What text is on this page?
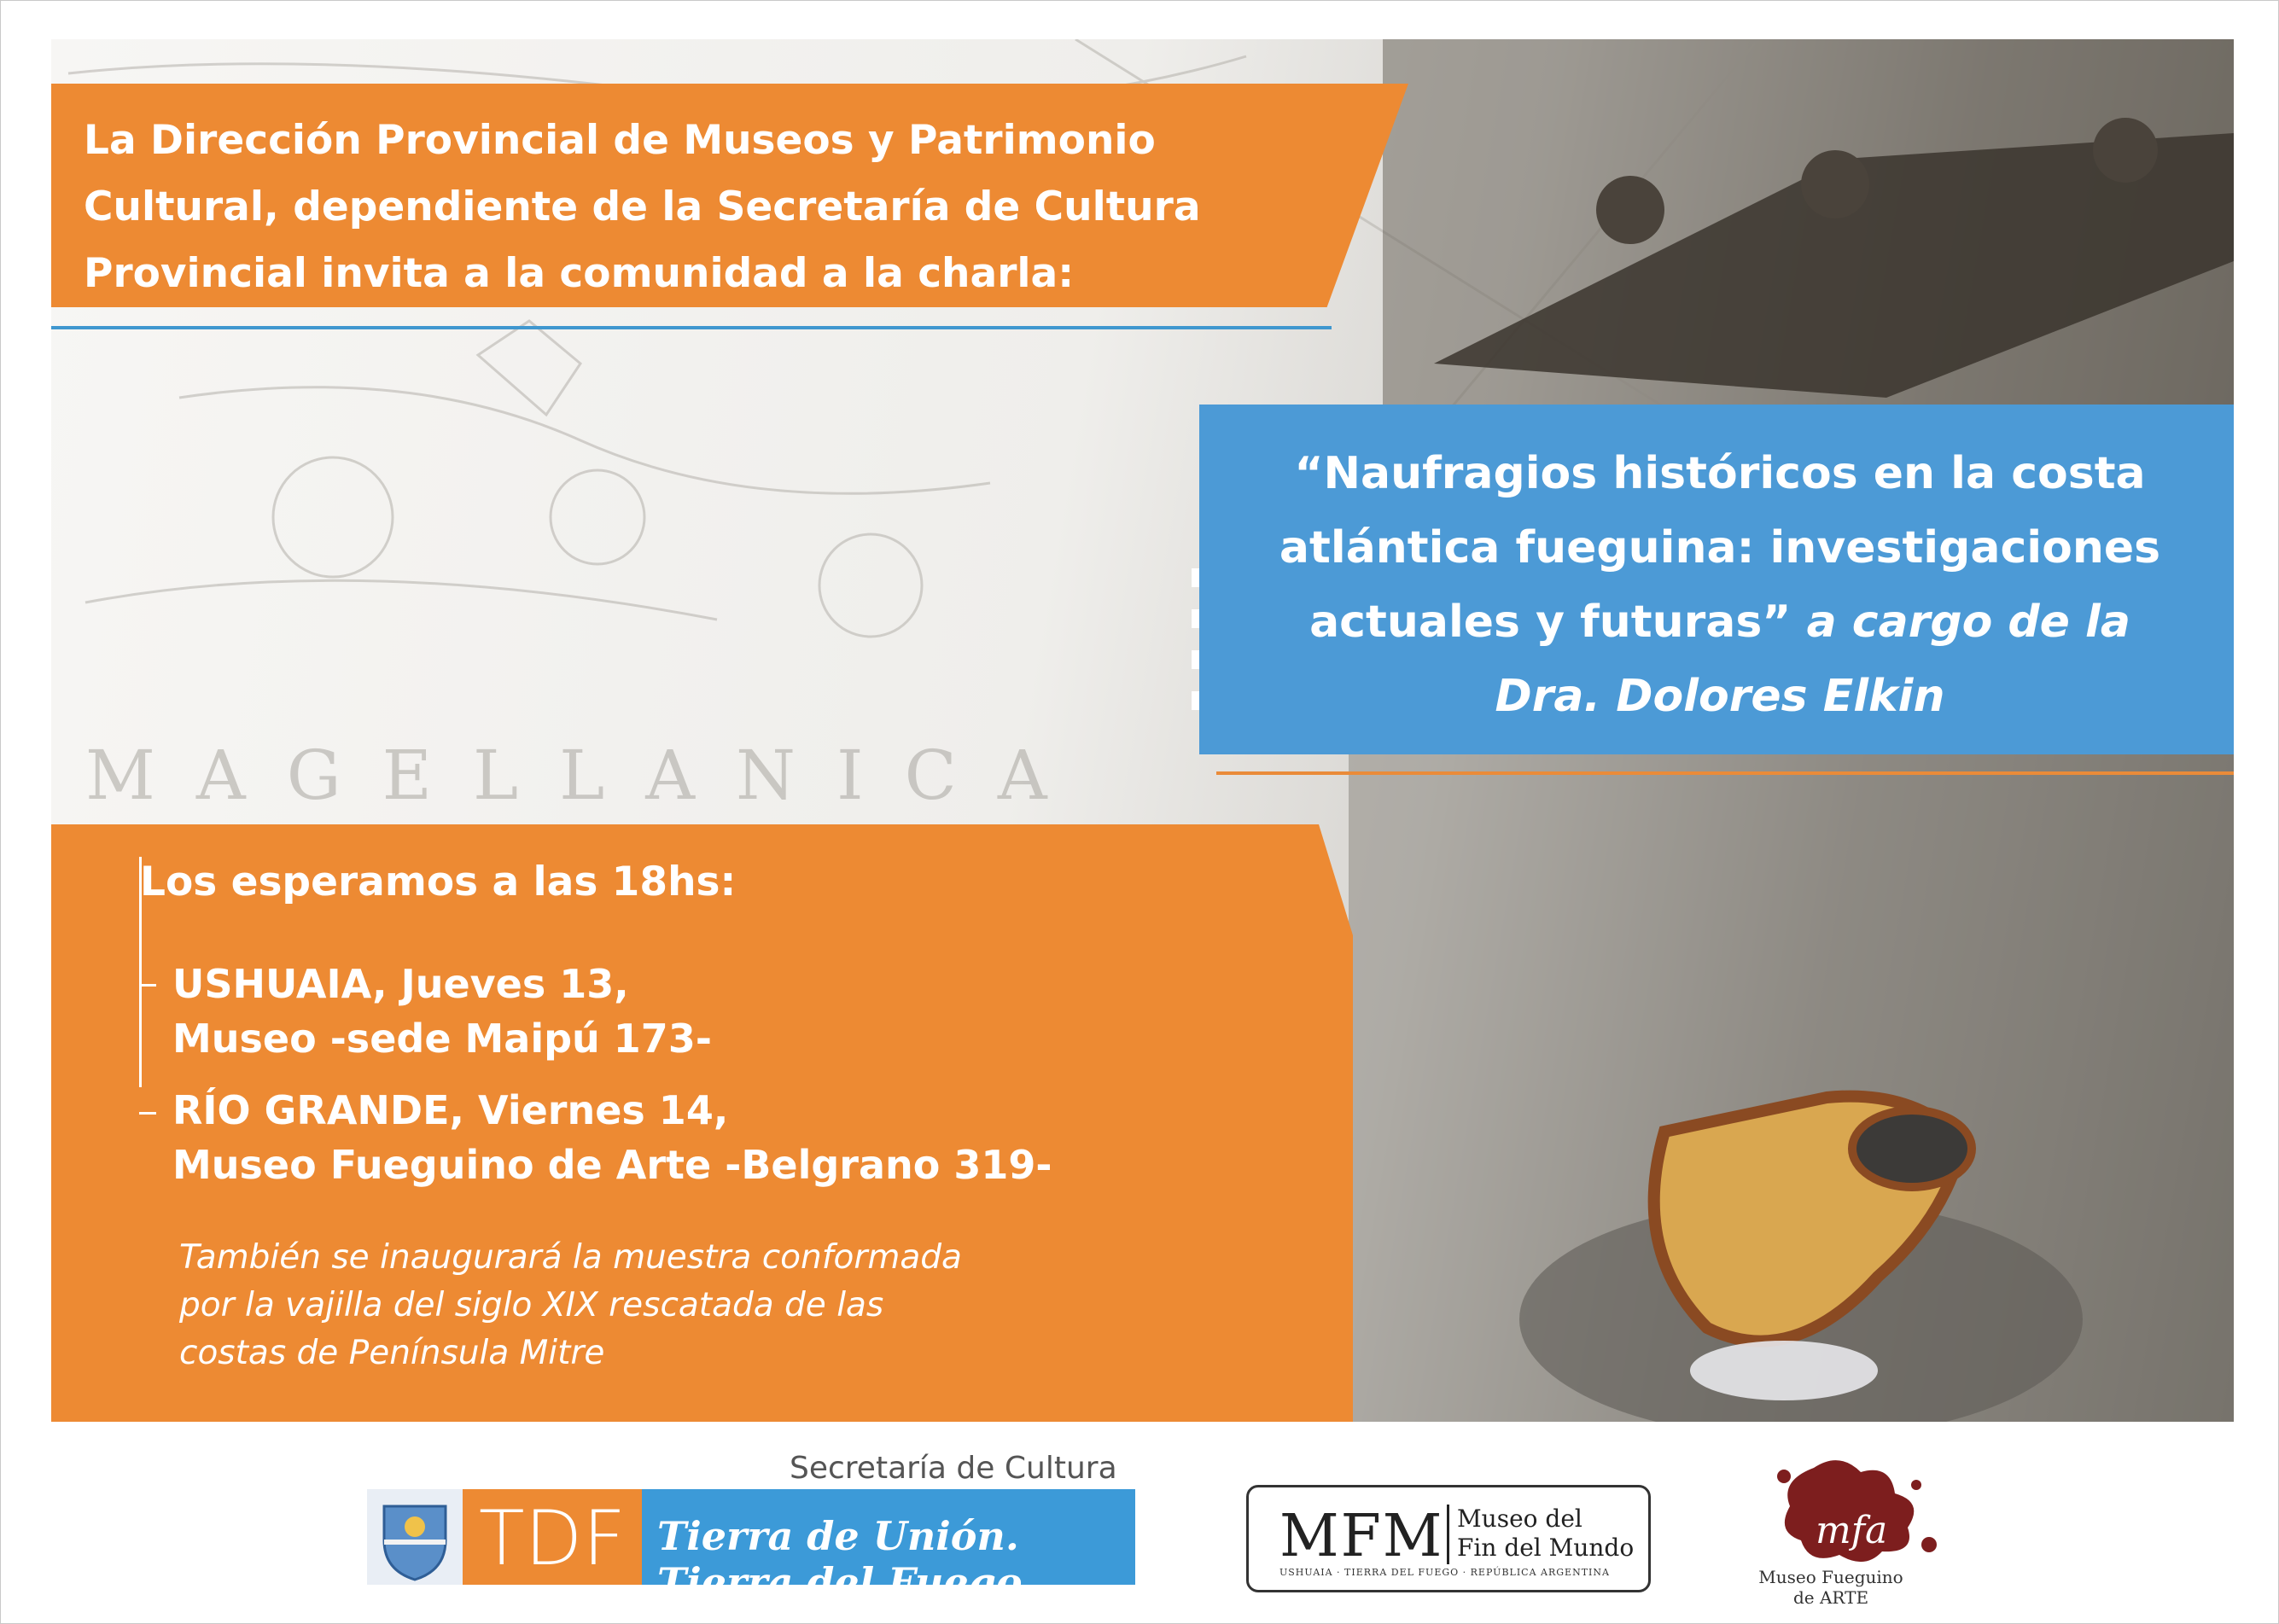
MAGELLANICA

La Dirección Provincial de Museos y Patrimonio
Cultural, dependiente de la Secretaría de Cultura
Provincial invita a la comunidad a la charla:

“Naufragios históricos en la costa
atlántica fueguina: investigaciones
actuales y futuras” a cargo de la
Dra. Dolores Elkin

Los esperamos a las 18hs:

USHUAIA, Jueves 13,
Museo -sede Maipú 173-

RÍO GRANDE, Viernes 14,
Museo Fueguino de Arte -Belgrano 319-

También se inaugurará la muestra conformada
por la vajilla del siglo XIX rescatada de las
costas de Península Mitre

Secretaría de Cultura

TDF Tierra de Unión. Tierra del Fuego.
MFM Museo del
Fin del Mundo
USHUAIA · TIERRA DEL FUEGO · REPÚBLICA ARGENTINA
mfa
Museo Fueguino
de ARTE
